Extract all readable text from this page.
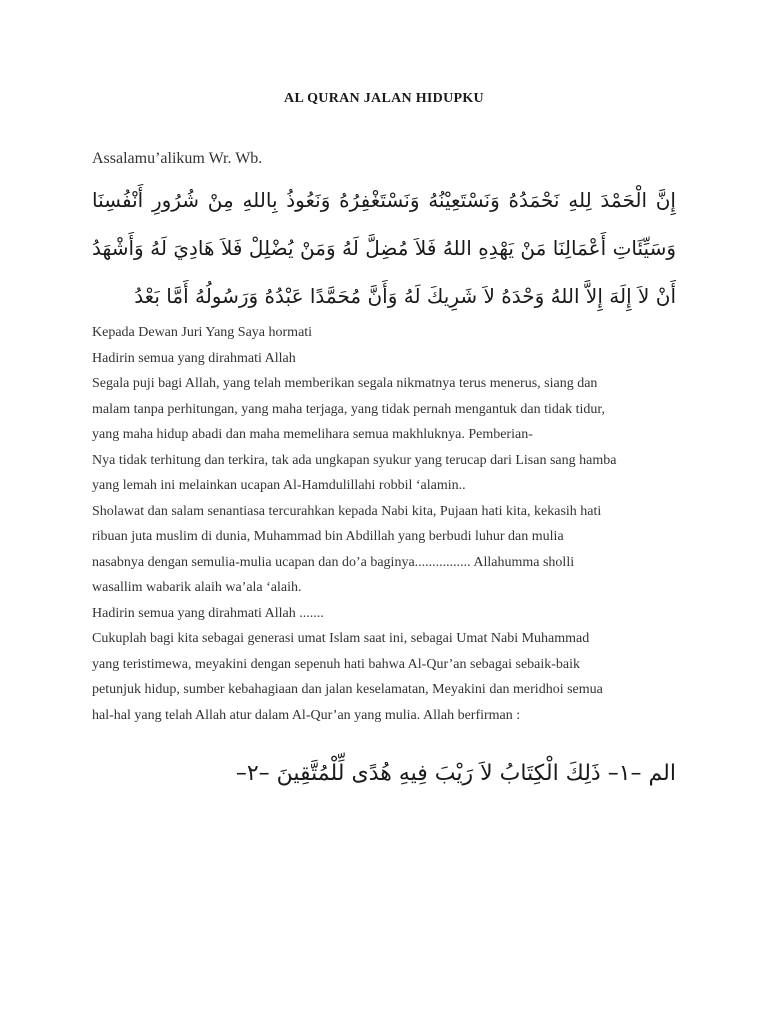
AL QURAN JALAN HIDUPKU

Assalamu’alikum Wr. Wb.

إِنَّ الْحَمْدَ لِلهِ نَحْمَدُهُ وَنَسْتَعِيْنُهُ وَنَسْتَغْفِرُهُ وَنَعُوذُ بِاللهِ مِنْ شُرُورِ أَنْفُسِنَا وَسَيِّئَاتِ أَعْمَالِنَا مَنْ يَهْدِهِ اللهُ فَلاَ مُضِلَّ لَهُ وَمَنْ يُضْلِلْ فَلاَ هَادِيَ لَهُ وَأَشْهَدُ أَنْ لاَ إِلَهَ إِلاَّ اللهُ وَحْدَهُ لاَ شَرِيكَ لَهُ وَأَنَّ مُحَمَّدًا عَبْدُهُ وَرَسُولُهُ أَمَّا بَعْدُ

Kepada Dewan Juri Yang Saya hormati

Hadirin semua yang dirahmati Allah

Segala puji bagi Allah, yang telah memberikan segala nikmatnya terus menerus, siang dan
malam tanpa perhitungan, yang maha terjaga, yang tidak pernah mengantuk dan tidak tidur,
yang maha hidup abadi dan maha memelihara semua makhluknya. Pemberian-
Nya tidak terhitung dan terkira, tak ada ungkapan syukur yang terucap dari Lisan sang hamba
yang lemah ini melainkan ucapan Al-Hamdulillahi robbil ‘alamin..

Sholawat dan salam senantiasa tercurahkan kepada Nabi kita, Pujaan hati kita, kekasih hati
ribuan juta muslim di dunia, Muhammad bin Abdillah yang berbudi luhur dan mulia
nasabnya dengan semulia-mulia ucapan dan do’a baginya................ Allahumma sholli
wasallim wabarik alaih wa’ala ‘alaih.

Hadirin semua yang dirahmati Allah .......
Cukuplah bagi kita sebagai generasi umat Islam saat ini, sebagai Umat Nabi Muhammad
yang teristimewa, meyakini dengan sepenuh hati bahwa Al-Qur’an sebagai sebaik-baik
petunjuk hidup, sumber kebahagiaan dan jalan keselamatan, Meyakini dan meridhoi semua
hal-hal yang telah Allah atur dalam Al-Qur’an yang mulia. Allah berfirman :

الم –١– ذَلِكَ الْكِتَابُ لاَ رَيْبَ فِيهِ هُدًى لِّلْمُتَّقِينَ –٢–
